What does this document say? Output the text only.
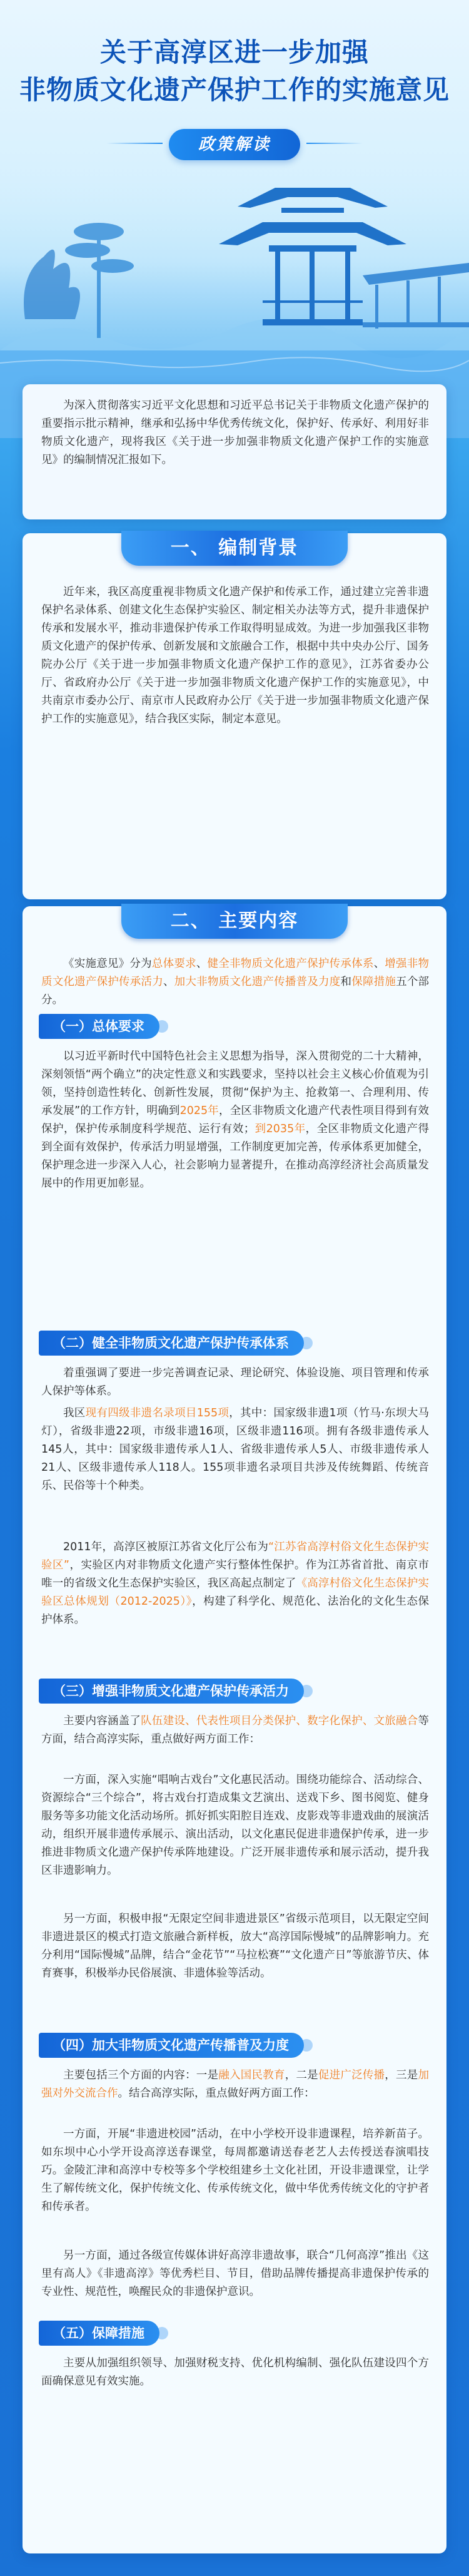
关于高淳区进一步加强
非物质文化遗产保护工作的实施意见
政策解读

为深入贯彻落实习近平文化思想和习近平总书记关于非物质文化遗产保护的重要指示批示精神，继承和弘扬中华优秀传统文化，保护好、传承好、利用好非物质文化遗产，现将我区《关于进一步加强非物质文化遗产保护工作的实施意见》的编制情况汇报如下。

一、 编制背景

近年来，我区高度重视非物质文化遗产保护和传承工作，通过建立完善非遗保护名录体系、创建文化生态保护实验区、制定相关办法等方式，提升非遗保护传承和发展水平，推动非遗保护传承工作取得明显成效。为进一步加强我区非物质文化遗产的保护传承、创新发展和文旅融合工作，根据中共中央办公厅、国务院办公厅《关于进一步加强非物质文化遗产保护工作的意见》，江苏省委办公厅、省政府办公厅《关于进一步加强非物质文化遗产保护工作的实施意见》，中共南京市委办公厅、南京市人民政府办公厅《关于进一步加强非物质文化遗产保护工作的实施意见》，结合我区实际，制定本意见。

二、 主要内容

《实施意见》分为总体要求、健全非物质文化遗产保护传承体系、增强非物质文化遗产保护传承活力、加大非物质文化遗产传播普及力度和保障措施五个部分。

（一）总体要求

以习近平新时代中国特色社会主义思想为指导，深入贯彻党的二十大精神，深刻领悟“两个确立”的决定性意义和实践要求，坚持以社会主义核心价值观为引领，坚持创造性转化、创新性发展，贯彻“保护为主、抢救第一、合理利用、传承发展”的工作方针，明确到2025年，全区非物质文化遗产代表性项目得到有效保护，保护传承制度科学规范、运行有效；到2035年，全区非物质文化遗产得到全面有效保护，传承活力明显增强，工作制度更加完善，传承体系更加健全，保护理念进一步深入人心，社会影响力显著提升，在推动高淳经济社会高质量发展中的作用更加彰显。

（二）健全非物质文化遗产保护传承体系

着重强调了要进一步完善调查记录、理论研究、体验设施、项目管理和传承人保护等体系。

我区现有四级非遗名录项目155项，其中：国家级非遗1项（竹马·东坝大马灯），省级非遗22项，市级非遗16项，区级非遗116项。拥有各级非遗传承人145人，其中：国家级非遗传承人1人、省级非遗传承人5人、市级非遗传承人21人、区级非遗传承人118人。155项非遗名录项目共涉及传统舞蹈、传统音乐、民俗等十个种类。

2011年，高淳区被原江苏省文化厅公布为“江苏省高淳村俗文化生态保护实验区”，实验区内对非物质文化遗产实行整体性保护。作为江苏省首批、南京市唯一的省级文化生态保护实验区，我区高起点制定了《高淳村俗文化生态保护实验区总体规划（2012-2025）》，构建了科学化、规范化、法治化的文化生态保护体系。

（三）增强非物质文化遗产保护传承活力

主要内容涵盖了队伍建设、代表性项目分类保护、数字化保护、文旅融合等方面，结合高淳实际，重点做好两方面工作：

一方面，深入实施“唱响古戏台”文化惠民活动。围绕功能综合、活动综合、资源综合“三个综合”，将古戏台打造成集文艺演出、送戏下乡、图书阅览、健身服务等多功能文化活动场所。抓好抓实阳腔目连戏、皮影戏等非遗戏曲的展演活动，组织开展非遗传承展示、演出活动，以文化惠民促进非遗保护传承，进一步推进非物质文化遗产保护传承阵地建设。广泛开展非遗传承和展示活动，提升我区非遗影响力。

另一方面，积极申报“无限定空间非遗进景区”省级示范项目，以无限定空间非遗进景区的模式打造文旅融合新样板，放大“高淳国际慢城”的品牌影响力。充分利用“国际慢城”品牌，结合“金花节”“马拉松赛”“文化遗产日”等旅游节庆、体育赛事，积极举办民俗展演、非遗体验等活动。

（四）加大非物质文化遗产传播普及力度

主要包括三个方面的内容：一是融入国民教育，二是促进广泛传播，三是加强对外交流合作。结合高淳实际，重点做好两方面工作：

一方面，开展“非遗进校园”活动，在中小学校开设非遗课程，培养新苗子。如东坝中心小学开设高淳送春课堂，每周都邀请送春老艺人去传授送春演唱技巧。金陵汇津和高淳中专校等多个学校组建乡土文化社团，开设非遗课堂，让学生了解传统文化，保护传统文化、传承传统文化，做中华优秀传统文化的守护者和传承者。

另一方面，通过各级宣传媒体讲好高淳非遗故事，联合“几何高淳”推出《这里有高人》《非遗高淳》等优秀栏目、节目，借助品牌传播提高非遗保护传承的专业性、规范性，唤醒民众的非遗保护意识。

（五）保障措施

主要从加强组织领导、加强财税支持、优化机构编制、强化队伍建设四个方面确保意见有效实施。
